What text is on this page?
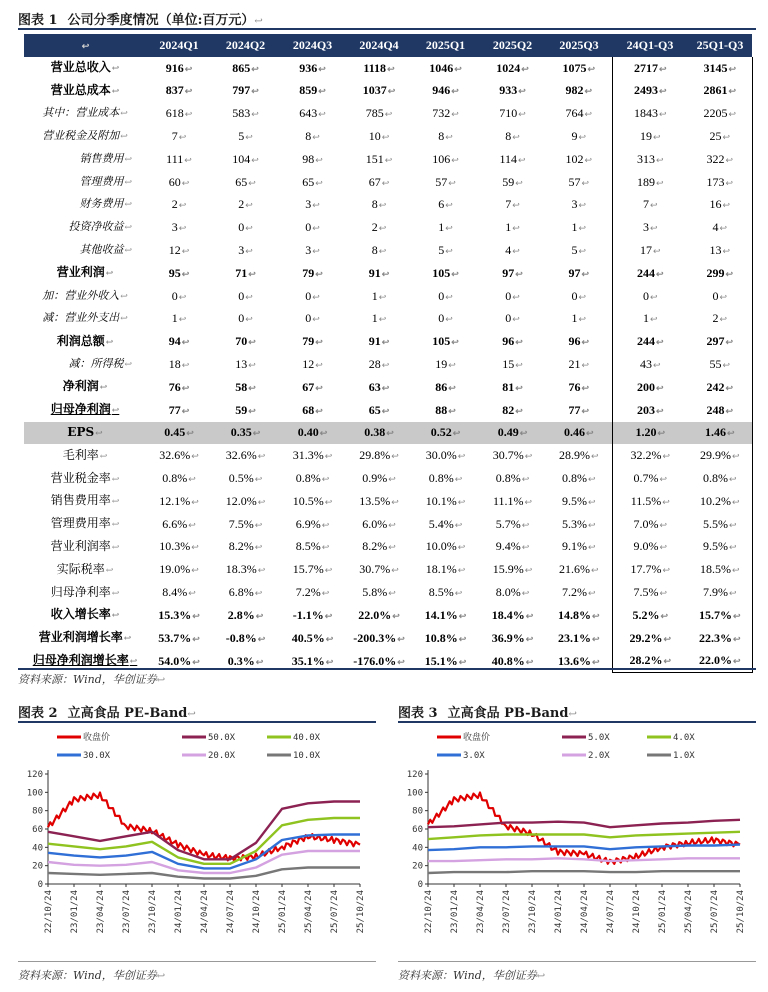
图表 1 公司分季度情况（单位:百万元）↩
↩	2024Q1	2024Q2	2024Q3	2024Q4	2025Q1	2025Q2	2025Q3	24Q1-Q3	25Q1-Q3
营业总收入↩	916↩	865↩	936↩	1118↩	1046↩	1024↩	1075↩	2717↩	3145↩
营业总成本↩	837↩	797↩	859↩	1037↩	946↩	933↩	982↩	2493↩	2861↩
其中：营业成本↩	618↩	583↩	643↩	785↩	732↩	710↩	764↩	1843↩	2205↩
营业税金及附加↩	7↩	5↩	8↩	10↩	8↩	8↩	9↩	19↩	25↩
销售费用↩	111↩	104↩	98↩	151↩	106↩	114↩	102↩	313↩	322↩
管理费用↩	60↩	65↩	65↩	67↩	57↩	59↩	57↩	189↩	173↩
财务费用↩	2↩	2↩	3↩	8↩	6↩	7↩	3↩	7↩	16↩
投资净收益↩	3↩	0↩	0↩	2↩	1↩	1↩	1↩	3↩	4↩
其他收益↩	12↩	3↩	3↩	8↩	5↩	4↩	5↩	17↩	13↩
营业利润↩	95↩	71↩	79↩	91↩	105↩	97↩	97↩	244↩	299↩
加：营业外收入↩	0↩	0↩	0↩	1↩	0↩	0↩	0↩	0↩	0↩
减：营业外支出↩	1↩	0↩	0↩	1↩	0↩	0↩	1↩	1↩	2↩
利润总额↩	94↩	70↩	79↩	91↩	105↩	96↩	96↩	244↩	297↩
减：所得税↩	18↩	13↩	12↩	28↩	19↩	15↩	21↩	43↩	55↩
净利润↩	76↩	58↩	67↩	63↩	86↩	81↩	76↩	200↩	242↩
归母净利润↩	77↩	59↩	68↩	65↩	88↩	82↩	77↩	203↩	248↩
EPS↩	0.45↩	0.35↩	0.40↩	0.38↩	0.52↩	0.49↩	0.46↩	1.20↩	1.46↩
毛利率↩	32.6%↩	32.6%↩	31.3%↩	29.8%↩	30.0%↩	30.7%↩	28.9%↩	32.2%↩	29.9%↩
营业税金率↩	0.8%↩	0.5%↩	0.8%↩	0.9%↩	0.8%↩	0.8%↩	0.8%↩	0.7%↩	0.8%↩
销售费用率↩	12.1%↩	12.0%↩	10.5%↩	13.5%↩	10.1%↩	11.1%↩	9.5%↩	11.5%↩	10.2%↩
管理费用率↩	6.6%↩	7.5%↩	6.9%↩	6.0%↩	5.4%↩	5.7%↩	5.3%↩	7.0%↩	5.5%↩
营业利润率↩	10.3%↩	8.2%↩	8.5%↩	8.2%↩	10.0%↩	9.4%↩	9.1%↩	9.0%↩	9.5%↩
实际税率↩	19.0%↩	18.3%↩	15.7%↩	30.7%↩	18.1%↩	15.9%↩	21.6%↩	17.7%↩	18.5%↩
归母净利率↩	8.4%↩	6.8%↩	7.2%↩	5.8%↩	8.5%↩	8.0%↩	7.2%↩	7.5%↩	7.9%↩
收入增长率↩	15.3%↩	2.8%↩	-1.1%↩	22.0%↩	14.1%↩	18.4%↩	14.8%↩	5.2%↩	15.7%↩
营业利润增长率↩	53.7%↩	-0.8%↩	40.5%↩	-200.3%↩	10.8%↩	36.9%↩	23.1%↩	29.2%↩	22.3%↩
归母净利润增长率↩	54.0%↩	0.3%↩	35.1%↩	-176.0%↩	15.1%↩	40.8%↩	13.6%↩	28.2%↩	22.0%↩
资料来源：Wind，华创证券↩
图表 2 立高食品 PE-Band↩
0
20
40
60
80
100
120
22/10/24 23/01/24 23/04/24 23/07/24 23/10/24 24/01/24 24/04/24 24/07/24 24/10/24 25/01/24 25/04/24 25/07/24 25/10/24
收盘价	50.0X	40.0X
30.0X	20.0X	10.0X
资料来源：Wind，华创证券↩
图表 3 立高食品 PB-Band↩
0
20
40
60
80
100
120
22/10/24 23/01/24 23/04/24 23/07/24 23/10/24 24/01/24 24/04/24 24/07/24 24/10/24 25/01/24 25/04/24 25/07/24 25/10/24
收盘价	5.0X	4.0X
3.0X	2.0X	1.0X
资料来源：Wind，华创证券↩
